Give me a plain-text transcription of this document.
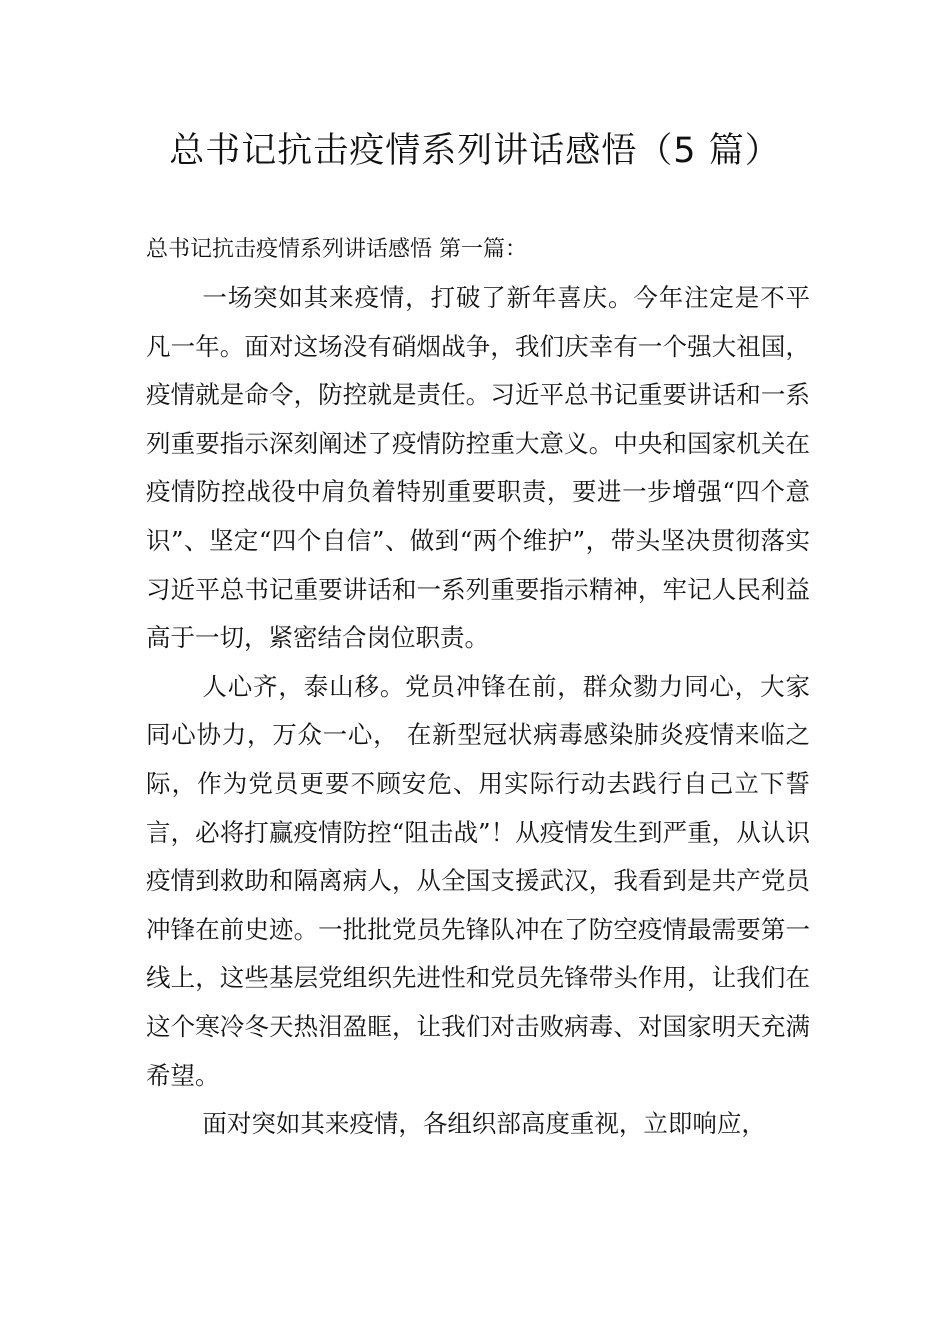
总书记抗击疫情系列讲话感悟（5 篇）

总书记抗击疫情系列讲话感悟 第一篇：

一场突如其来疫情，打破了新年喜庆。今年注定是不平凡一年。面对这场没有硝烟战争，我们庆幸有一个强大祖国，疫情就是命令，防控就是责任。习近平总书记重要讲话和一系列重要指示深刻阐述了疫情防控重大意义。中央和国家机关在疫情防控战役中肩负着特别重要职责，要进一步增强“四个意识”、坚定“四个自信”、做到“两个维护”，带头坚决贯彻落实习近平总书记重要讲话和一系列重要指示精神，牢记人民利益高于一切，紧密结合岗位职责。

人心齐，泰山移。党员冲锋在前，群众勠力同心，大家同心协力，万众一心， 在新型冠状病毒感染肺炎疫情来临之际，作为党员更要不顾安危、用实际行动去践行自己立下誓言，必将打赢疫情防控“阻击战”！从疫情发生到严重，从认识疫情到救助和隔离病人，从全国支援武汉，我看到是共产党员冲锋在前史迹。一批批党员先锋队冲在了防空疫情最需要第一线上，这些基层党组织先进性和党员先锋带头作用，让我们在这个寒冷冬天热泪盈眶，让我们对击败病毒、对国家明天充满希望。

面对突如其来疫情，各组织部高度重视，立即响应，
